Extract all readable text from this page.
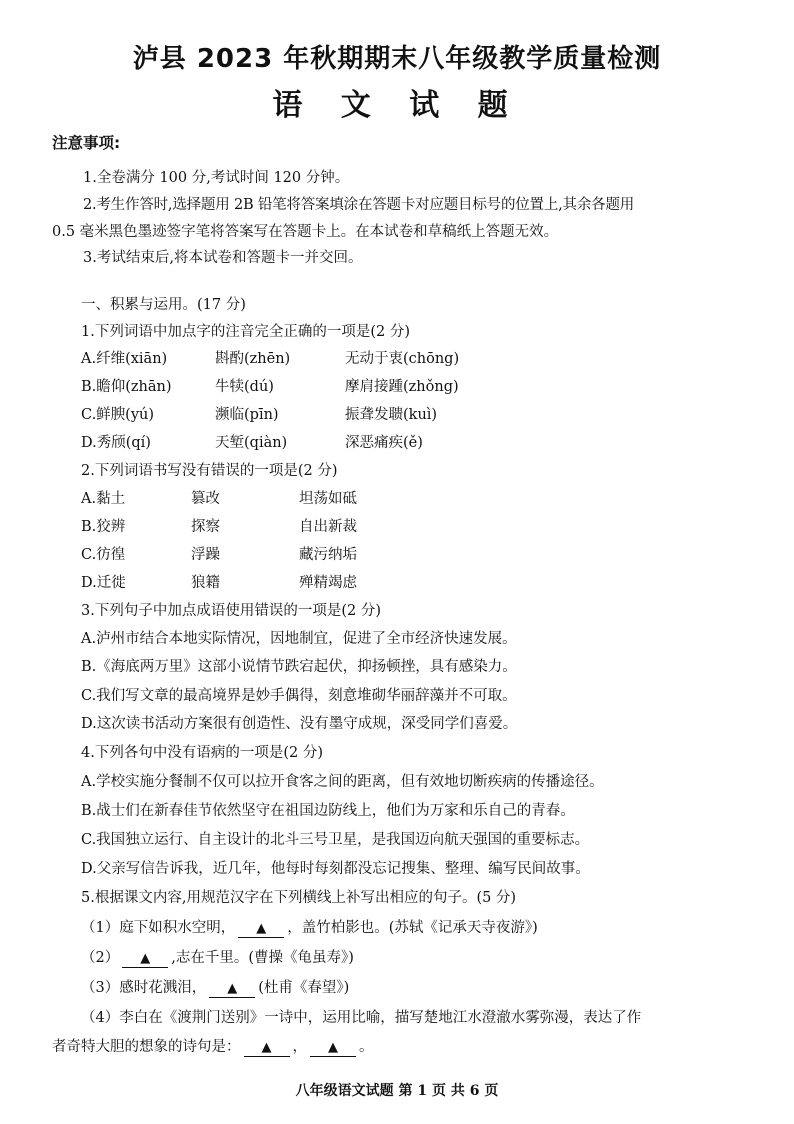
泸县 2023 年秋期期末八年级教学质量检测
语 文 试 题
注意事项:
1.全卷满分 100 分,考试时间 120 分钟。
2.考生作答时,选择题用 2B 铅笔将答案填涂在答题卡对应题目标号的位置上,其余各题用
0.5 毫米黑色墨迹签字笔将答案写在答题卡上。在本试卷和草稿纸上答题无效。
3.考试结束后,将本试卷和答题卡一并交回。
一、积累与运用。(17 分)
1.下列词语中加点字的注音完全正确的一项是(2 分)
A.纤维(xiān)	斟酌(zhēn)	无动于衷(chōng)
B.瞻仰(zhān)	牛犊(dú)	摩肩接踵(zhǒng)
C.鲜腴(yú)	濒临(pīn)	振聋发聩(kuì)
D.秀颀(qí)	天堑(qiàn)	深恶痛疾(ě)
2.下列词语书写没有错误的一项是(2 分)
A.黏土	篡改	坦荡如砥
B.狡辨	探察	自出新裁
C.彷徨	浮躁	藏污纳垢
D.迁徙	狼籍	殚精竭虑
3.下列句子中加点成语使用错误的一项是(2 分)
A.泸州市结合本地实际情况，因地制宜，促进了全市经济快速发展。
B.《海底两万里》这部小说情节跌宕起伏，抑扬顿挫，具有感染力。
C.我们写文章的最高境界是妙手偶得，刻意堆砌华丽辞藻并不可取。
D.这次读书活动方案很有创造性、没有墨守成规，深受同学们喜爱。
4.下列各句中没有语病的一项是(2 分)
A.学校实施分餐制不仅可以拉开食客之间的距离，但有效地切断疾病的传播途径。
B.战士们在新春佳节依然坚守在祖国边防线上，他们为万家和乐自己的青春。
C.我国独立运行、自主设计的北斗三号卫星，是我国迈向航天强国的重要标志。
D.父亲写信告诉我，近几年，他每时每刻都没忘记搜集、整理、编写民间故事。
5.根据课文内容,用规范汉字在下列横线上补写出相应的句子。(5 分)
（1）庭下如积水空明， ▲ ，盖竹柏影也。(苏轼《记承天寺夜游》)
（2） ▲ ,志在千里。(曹操《龟虽寿》)
（3）感时花溅泪， ▲ (杜甫《春望》)
（4）李白在《渡荆门送别》一诗中，运用比喻，描写楚地江水澄澈水雾弥漫，表达了作
者奇特大胆的想象的诗句是： ▲ ， ▲ 。
八年级语文试题 第 1 页 共 6 页
